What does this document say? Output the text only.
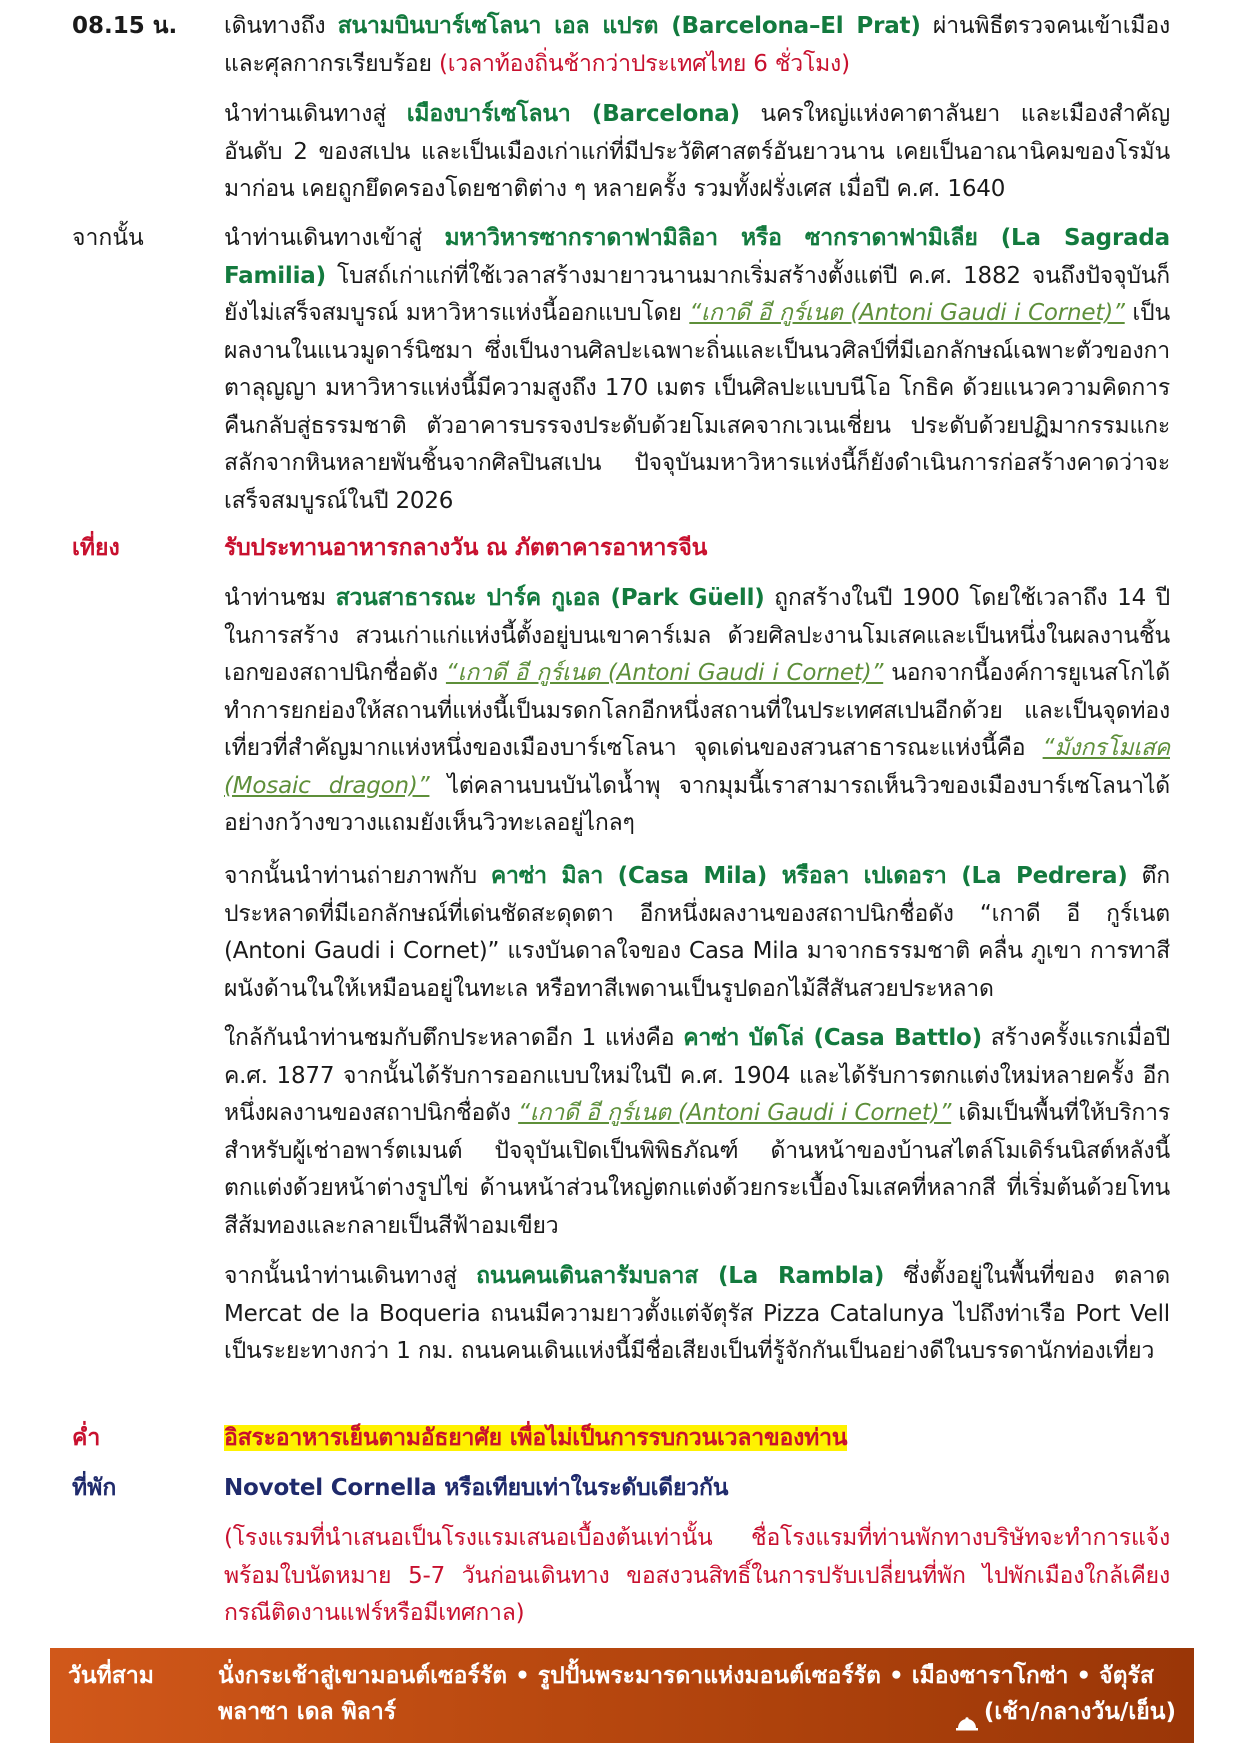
08.15 น.	เดินทางถึง สนามบินบาร์เซโลนา เอล แปรต (Barcelona–El Prat) ผ่านพิธีตรวจคนเข้าเมืองและศุลกากรเรียบร้อย (เวลาท้องถิ่นช้ากว่าประเทศไทย 6 ชั่วโมง)
นำท่านเดินทางสู่ เมืองบาร์เซโลนา (Barcelona) นครใหญ่แห่งคาตาลันยา และเมืองสำคัญอันดับ 2 ของสเปน และเป็นเมืองเก่าแก่ที่มีประวัติศาสตร์อันยาวนาน เคยเป็นอาณานิคมของโรมันมาก่อน เคยถูกยึดครองโดยชาติต่าง ๆ หลายครั้ง รวมทั้งฝรั่งเศส เมื่อปี ค.ศ. 1640
จากนั้น	นำท่านเดินทางเข้าสู่ มหาวิหารซากราดาฟามิลิอา หรือ ซากราดาฟามิเลีย (La Sagrada Familia) โบสถ์เก่าแก่ที่ใช้เวลาสร้างมายาวนานมากเริ่มสร้างตั้งแต่ปี ค.ศ. 1882 จนถึงปัจจุบันก็ยังไม่เสร็จสมบูรณ์ มหาวิหารแห่งนี้ออกแบบโดย “เกาดี อี กูร์เนต (Antoni Gaudi i Cornet)” เป็นผลงานในแนวมูดาร์นิซมา ซึ่งเป็นงานศิลปะเฉพาะถิ่นและเป็นนวศิลป์ที่มีเอกลักษณ์เฉพาะตัวของกาตาลุญญา มหาวิหารแห่งนี้มีความสูงถึง 170 เมตร เป็นศิลปะแบบนีโอ โกธิค ด้วยแนวความคิดการคืนกลับสู่ธรรมชาติ ตัวอาคารบรรจงประดับด้วยโมเสคจากเวเนเชี่ยน ประดับด้วยปฏิมากรรมแกะสลักจากหินหลายพันชิ้นจากศิลปินสเปน ปัจจุบันมหาวิหารแห่งนี้ก็ยังดำเนินการก่อสร้างคาดว่าจะเสร็จสมบูรณ์ในปี 2026
เที่ยง	รับประทานอาหารกลางวัน ณ ภัตตาคารอาหารจีน
นำท่านชม สวนสาธารณะ ปาร์ค กูเอล (Park Güell) ถูกสร้างในปี 1900 โดยใช้เวลาถึง 14 ปี ในการสร้าง สวนเก่าแก่แห่งนี้ตั้งอยู่บนเขาคาร์เมล ด้วยศิลปะงานโมเสคและเป็นหนึ่งในผลงานชิ้นเอกของสถาปนิกชื่อดัง “เกาดี อี กูร์เนต (Antoni Gaudi i Cornet)” นอกจากนี้องค์การยูเนสโกได้ทำการยกย่องให้สถานที่แห่งนี้เป็นมรดกโลกอีกหนึ่งสถานที่ในประเทศสเปนอีกด้วย และเป็นจุดท่องเที่ยวที่สำคัญมากแห่งหนึ่งของเมืองบาร์เซโลนา จุดเด่นของสวนสาธารณะแห่งนี้คือ “มังกรโมเสค (Mosaic dragon)” ไต่คลานบนบันไดน้ำพุ จากมุมนี้เราสามารถเห็นวิวของเมืองบาร์เซโลนาได้อย่างกว้างขวางแถมยังเห็นวิวทะเลอยู่ไกลๆ
จากนั้นนำท่านถ่ายภาพกับ คาซ่า มิลา (Casa Mila) หรือลา เปเดอรา (La Pedrera) ตึกประหลาดที่มีเอกลักษณ์ที่เด่นชัดสะดุดตา อีกหนึ่งผลงานของสถาปนิกชื่อดัง “เกาดี อี กูร์เนต (Antoni Gaudi i Cornet)” แรงบันดาลใจของ Casa Mila มาจากธรรมชาติ คลื่น ภูเขา การทาสีผนังด้านในให้เหมือนอยู่ในทะเล หรือทาสีเพดานเป็นรูปดอกไม้สีสันสวยประหลาด
ใกล้กันนำท่านชมกับตึกประหลาดอีก 1 แห่งคือ คาซ่า บัตโล่ (Casa Battlo) สร้างครั้งแรกเมื่อปี ค.ศ. 1877 จากนั้นได้รับการออกแบบใหม่ในปี ค.ศ. 1904 และได้รับการตกแต่งใหม่หลายครั้ง อีกหนึ่งผลงานของสถาปนิกชื่อดัง “เกาดี อี กูร์เนต (Antoni Gaudi i Cornet)” เดิมเป็นพื้นที่ให้บริการสำหรับผู้เช่าอพาร์ตเมนต์ ปัจจุบันเปิดเป็นพิพิธภัณฑ์ ด้านหน้าของบ้านสไตล์โมเดิร์นนิสต์หลังนี้ตกแต่งด้วยหน้าต่างรูปไข่ ด้านหน้าส่วนใหญ่ตกแต่งด้วยกระเบื้องโมเสคที่หลากสี ที่เริ่มต้นด้วยโทนสีส้มทองและกลายเป็นสีฟ้าอมเขียว
จากนั้นนำท่านเดินทางสู่ ถนนคนเดินลารัมบลาส (La Rambla) ซึ่งตั้งอยู่ในพื้นที่ของ ตลาด Mercat de la Boqueria ถนนมีความยาวตั้งแต่จัตุรัส Pizza Catalunya ไปถึงท่าเรือ Port Vell เป็นระยะทางกว่า 1 กม. ถนนคนเดินแห่งนี้มีชื่อเสียงเป็นที่รู้จักกันเป็นอย่างดีในบรรดานักท่องเที่ยว
ค่ำ	อิสระอาหารเย็นตามอัธยาศัย เพื่อไม่เป็นการรบกวนเวลาของท่าน
ที่พัก	Novotel Cornella หรือเทียบเท่าในระดับเดียวกัน
(โรงแรมที่นำเสนอเป็นโรงแรมเสนอเบื้องต้นเท่านั้น ชื่อโรงแรมที่ท่านพักทางบริษัทจะทำการแจ้งพร้อมใบนัดหมาย 5-7 วันก่อนเดินทาง ขอสงวนสิทธิ์ในการปรับเปลี่ยนที่พัก ไปพักเมืองใกล้เคียงกรณีติดงานแฟร์หรือมีเทศกาล)
วันที่สาม	นั่งกระเช้าสู่เขามอนต์เซอร์รัต • รูปปั้นพระมารดาแห่งมอนต์เซอร์รัต • เมืองซาราโกซ่า • จัตุรัสพลาซา เดล พิลาร์	(เช้า/กลางวัน/เย็น)
